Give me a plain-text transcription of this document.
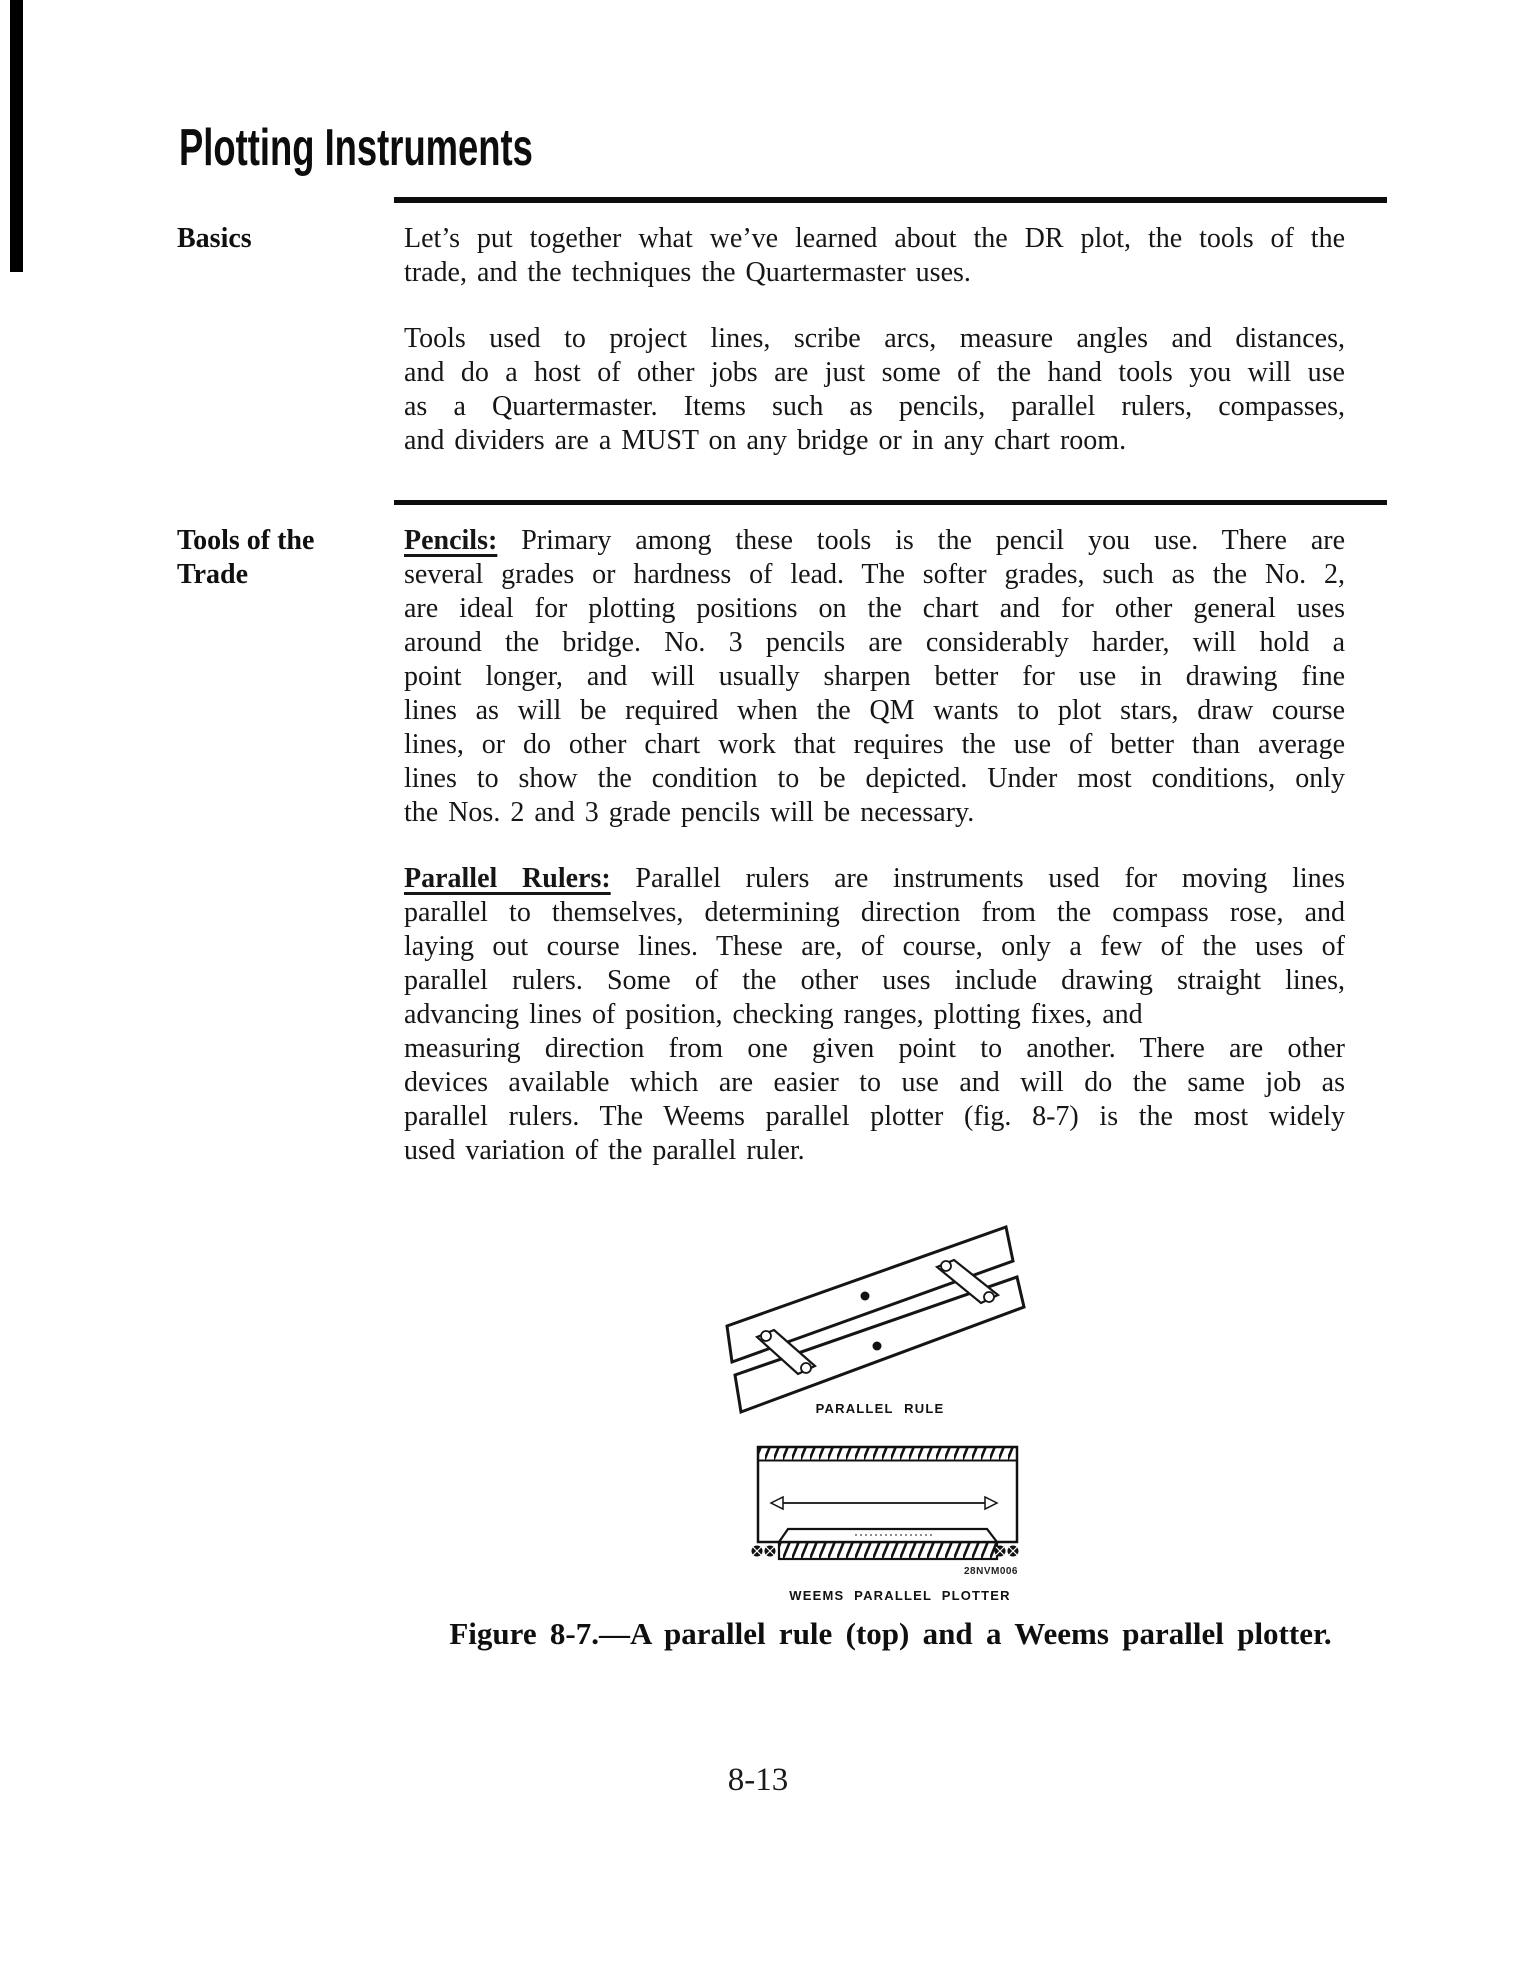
Plotting Instruments
Basics	Let’s put together what we’ve learned about the DR plot, the tools of the
trade, and the techniques the Quartermaster uses.
Tools used to project lines, scribe arcs, measure angles and distances,
and do a host of other jobs are just some of the hand tools you will use
as a Quartermaster. Items such as pencils, parallel rulers, compasses,
and dividers are a MUST on any bridge or in any chart room.
Tools of the
Trade
Pencils: Primary among these tools is the pencil you use. There are
several grades or hardness of lead. The softer grades, such as the No. 2,
are ideal for plotting positions on the chart and for other general uses
around the bridge. No. 3 pencils are considerably harder, will hold a
point longer, and will usually sharpen better for use in drawing fine
lines as will be required when the QM wants to plot stars, draw course
lines, or do other chart work that requires the use of better than average
lines to show the condition to be depicted. Under most conditions, only
the Nos. 2 and 3 grade pencils will be necessary.
Parallel Rulers: Parallel rulers are instruments used for moving lines
parallel to themselves, determining direction from the compass rose, and
laying out course lines. These are, of course, only a few of the uses of
parallel rulers. Some of the other uses include drawing straight lines,
advancing lines of position, checking ranges, plotting fixes, and
measuring direction from one given point to another. There are other
devices available which are easier to use and will do the same job as
parallel rulers. The Weems parallel plotter (fig. 8-7) is the most widely
used variation of the parallel ruler.
PARALLEL RULE
28NVM006
WEEMS PARALLEL PLOTTER
Figure 8-7.—A parallel rule (top) and a Weems parallel plotter.
8-13
